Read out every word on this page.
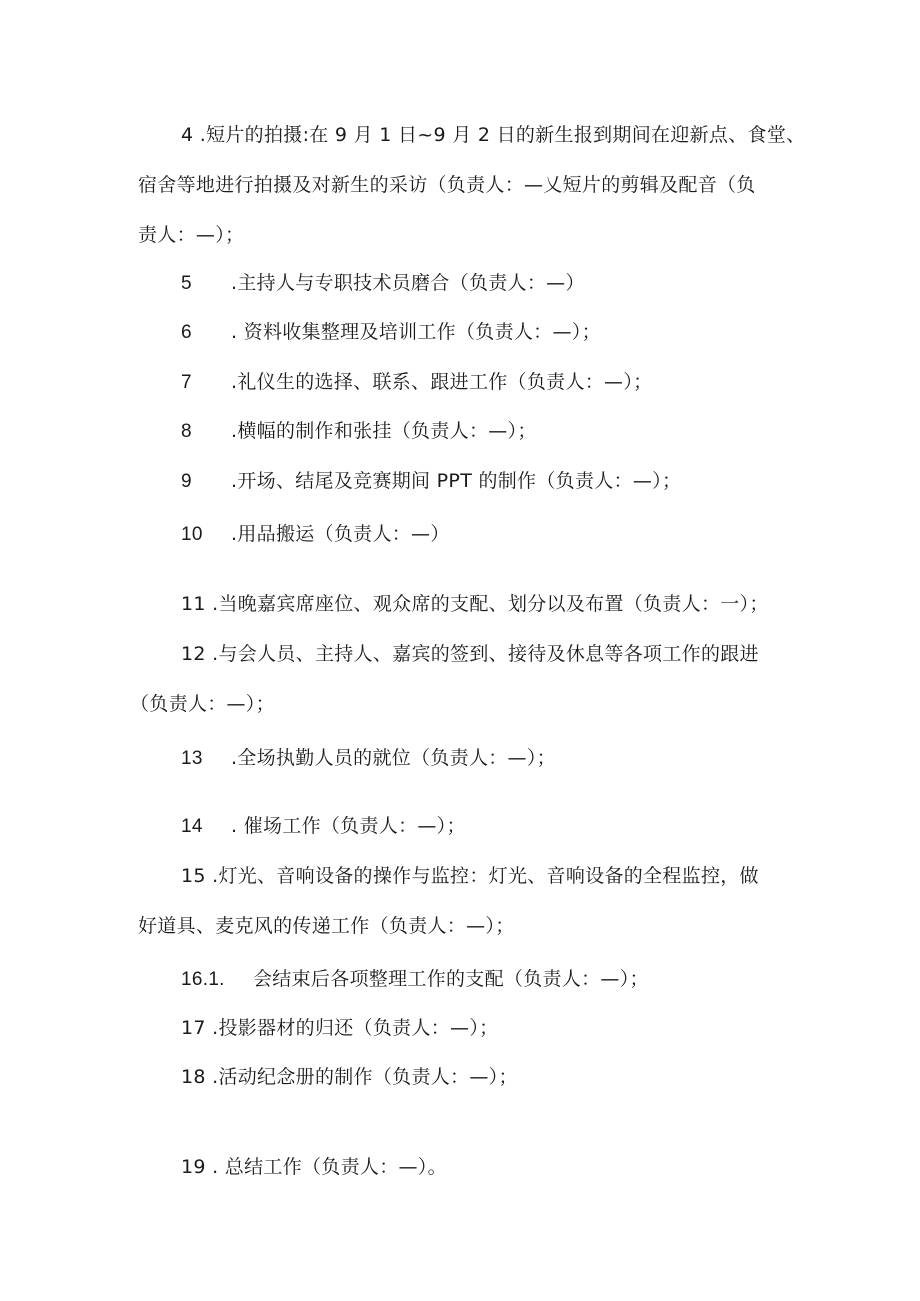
4 .短片的拍摄:在 9 月 1 日~9 月 2 日的新生报到期间在迎新点、食堂、
宿舍等地进行拍摄及对新生的采访（负责人：—乂短片的剪辑及配音（负
责人：—）；
5 .主持人与专职技术员磨合（负责人：—）
6 . 资料收集整理及培训工作（负责人：—）；
7 .礼仪生的选择、联系、跟进工作（负责人：—）；
8 .横幅的制作和张挂（负责人：—）；
9 .开场、结尾及竞赛期间 PPT 的制作（负责人：—）；
10 .用品搬运（负责人：—）
11 .当晚嘉宾席座位、观众席的支配、划分以及布置（负责人：一）；
12 .与会人员、主持人、嘉宾的签到、接待及休息等各项工作的跟进
（负责人：—）；
13 .全场执勤人员的就位（负责人：—）；
14 . 催场工作（负责人：—）；
15 .灯光、音响设备的操作与监控：灯光、音响设备的全程监控，做
好道具、麦克风的传递工作（负责人：—）；
16.1. 会结束后各项整理工作的支配（负责人：—）；
17 .投影器材的归还（负责人：—）；
18 .活动纪念册的制作（负责人：—）；
19 . 总结工作（负责人：—）。
